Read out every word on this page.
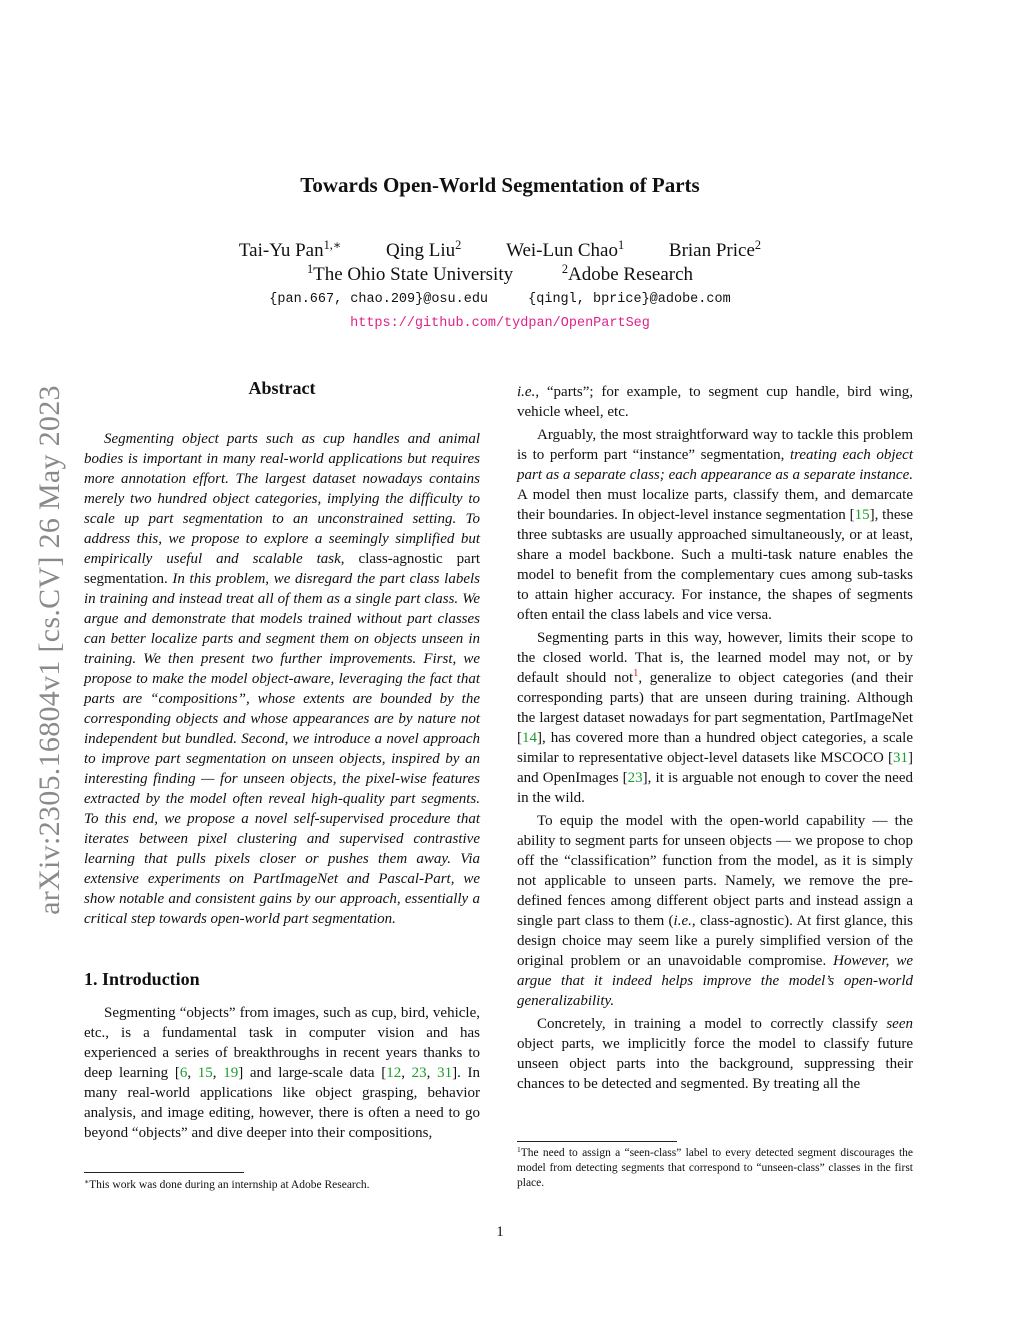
arXiv:2305.16804v1 [cs.CV] 26 May 2023
Towards Open-World Segmentation of Parts
Tai-Yu Pan$^{1,∗}$ Qing Liu$^2$ Wei-Lun Chao$^1$ Brian Price$^2$
$^1$The Ohio State University	$^2$Adobe Research
{pan.667, chao.209}@osu.edu	{qingl, bprice}@adobe.com
https://github.com/tydpan/OpenPartSeg
Abstract

Segmenting object parts such as cup handles and animal bodies is important in many real-world applications but requires more annotation effort. The largest dataset nowadays contains merely two hundred object categories, implying the difficulty to scale up part segmentation to an unconstrained setting. To address this, we propose to explore a seemingly simplified but empirically useful and scalable task, class-agnostic part segmentation. In this problem, we disregard the part class labels in training and instead treat all of them as a single part class. We argue and demonstrate that models trained without part classes can better localize parts and segment them on objects unseen in training. We then present two further improvements. First, we propose to make the model object-aware, leveraging the fact that parts are “compositions”, whose extents are bounded by the corresponding objects and whose appearances are by nature not independent but bundled. Second, we introduce a novel approach to improve part segmentation on unseen objects, inspired by an interesting finding — for unseen objects, the pixel-wise features extracted by the model often reveal high-quality part segments. To this end, we propose a novel self-supervised procedure that iterates between pixel clustering and supervised contrastive learning that pulls pixels closer or pushes them away. Via extensive experiments on PartImageNet and Pascal-Part, we show notable and consistent gains by our approach, essentially a critical step towards open-world part segmentation.

1. Introduction

Segmenting “objects” from images, such as cup, bird, vehicle, etc., is a fundamental task in computer vision and has experienced a series of breakthroughs in recent years thanks to deep learning [6, 15, 19] and large-scale data [12, 23, 31]. In many real-world applications like object grasping, behavior analysis, and image editing, however, there is often a need to go beyond “objects” and dive deeper into their compositions,

∗This work was done during an internship at Adobe Research.

i.e., “parts”; for example, to segment cup handle, bird wing, vehicle wheel, etc.

Arguably, the most straightforward way to tackle this problem is to perform part “instance” segmentation, treating each object part as a separate class; each appearance as a separate instance. A model then must localize parts, classify them, and demarcate their boundaries. In object-level instance segmentation [15], these three subtasks are usually approached simultaneously, or at least, share a model backbone. Such a multi-task nature enables the model to benefit from the complementary cues among sub-tasks to attain higher accuracy. For instance, the shapes of segments often entail the class labels and vice versa.

Segmenting parts in this way, however, limits their scope to the closed world. That is, the learned model may not, or by default should not$^1$, generalize to object categories (and their corresponding parts) that are unseen during training. Although the largest dataset nowadays for part segmentation, PartImageNet [14], has covered more than a hundred object categories, a scale similar to representative object-level datasets like MSCOCO [31] and OpenImages [23], it is arguable not enough to cover the need in the wild.

To equip the model with the open-world capability — the ability to segment parts for unseen objects — we propose to chop off the “classification” function from the model, as it is simply not applicable to unseen parts. Namely, we remove the pre-defined fences among different object parts and instead assign a single part class to them (i.e., class-agnostic). At first glance, this design choice may seem like a purely simplified version of the original problem or an unavoidable compromise. However, we argue that it indeed helps improve the model’s open-world generalizability.

Concretely, in training a model to correctly classify seen object parts, we implicitly force the model to classify future unseen object parts into the background, suppressing their chances to be detected and segmented. By treating all the

$^1$The need to assign a “seen-class” label to every detected segment discourages the model from detecting segments that correspond to “unseen-class” classes in the first place.
1
